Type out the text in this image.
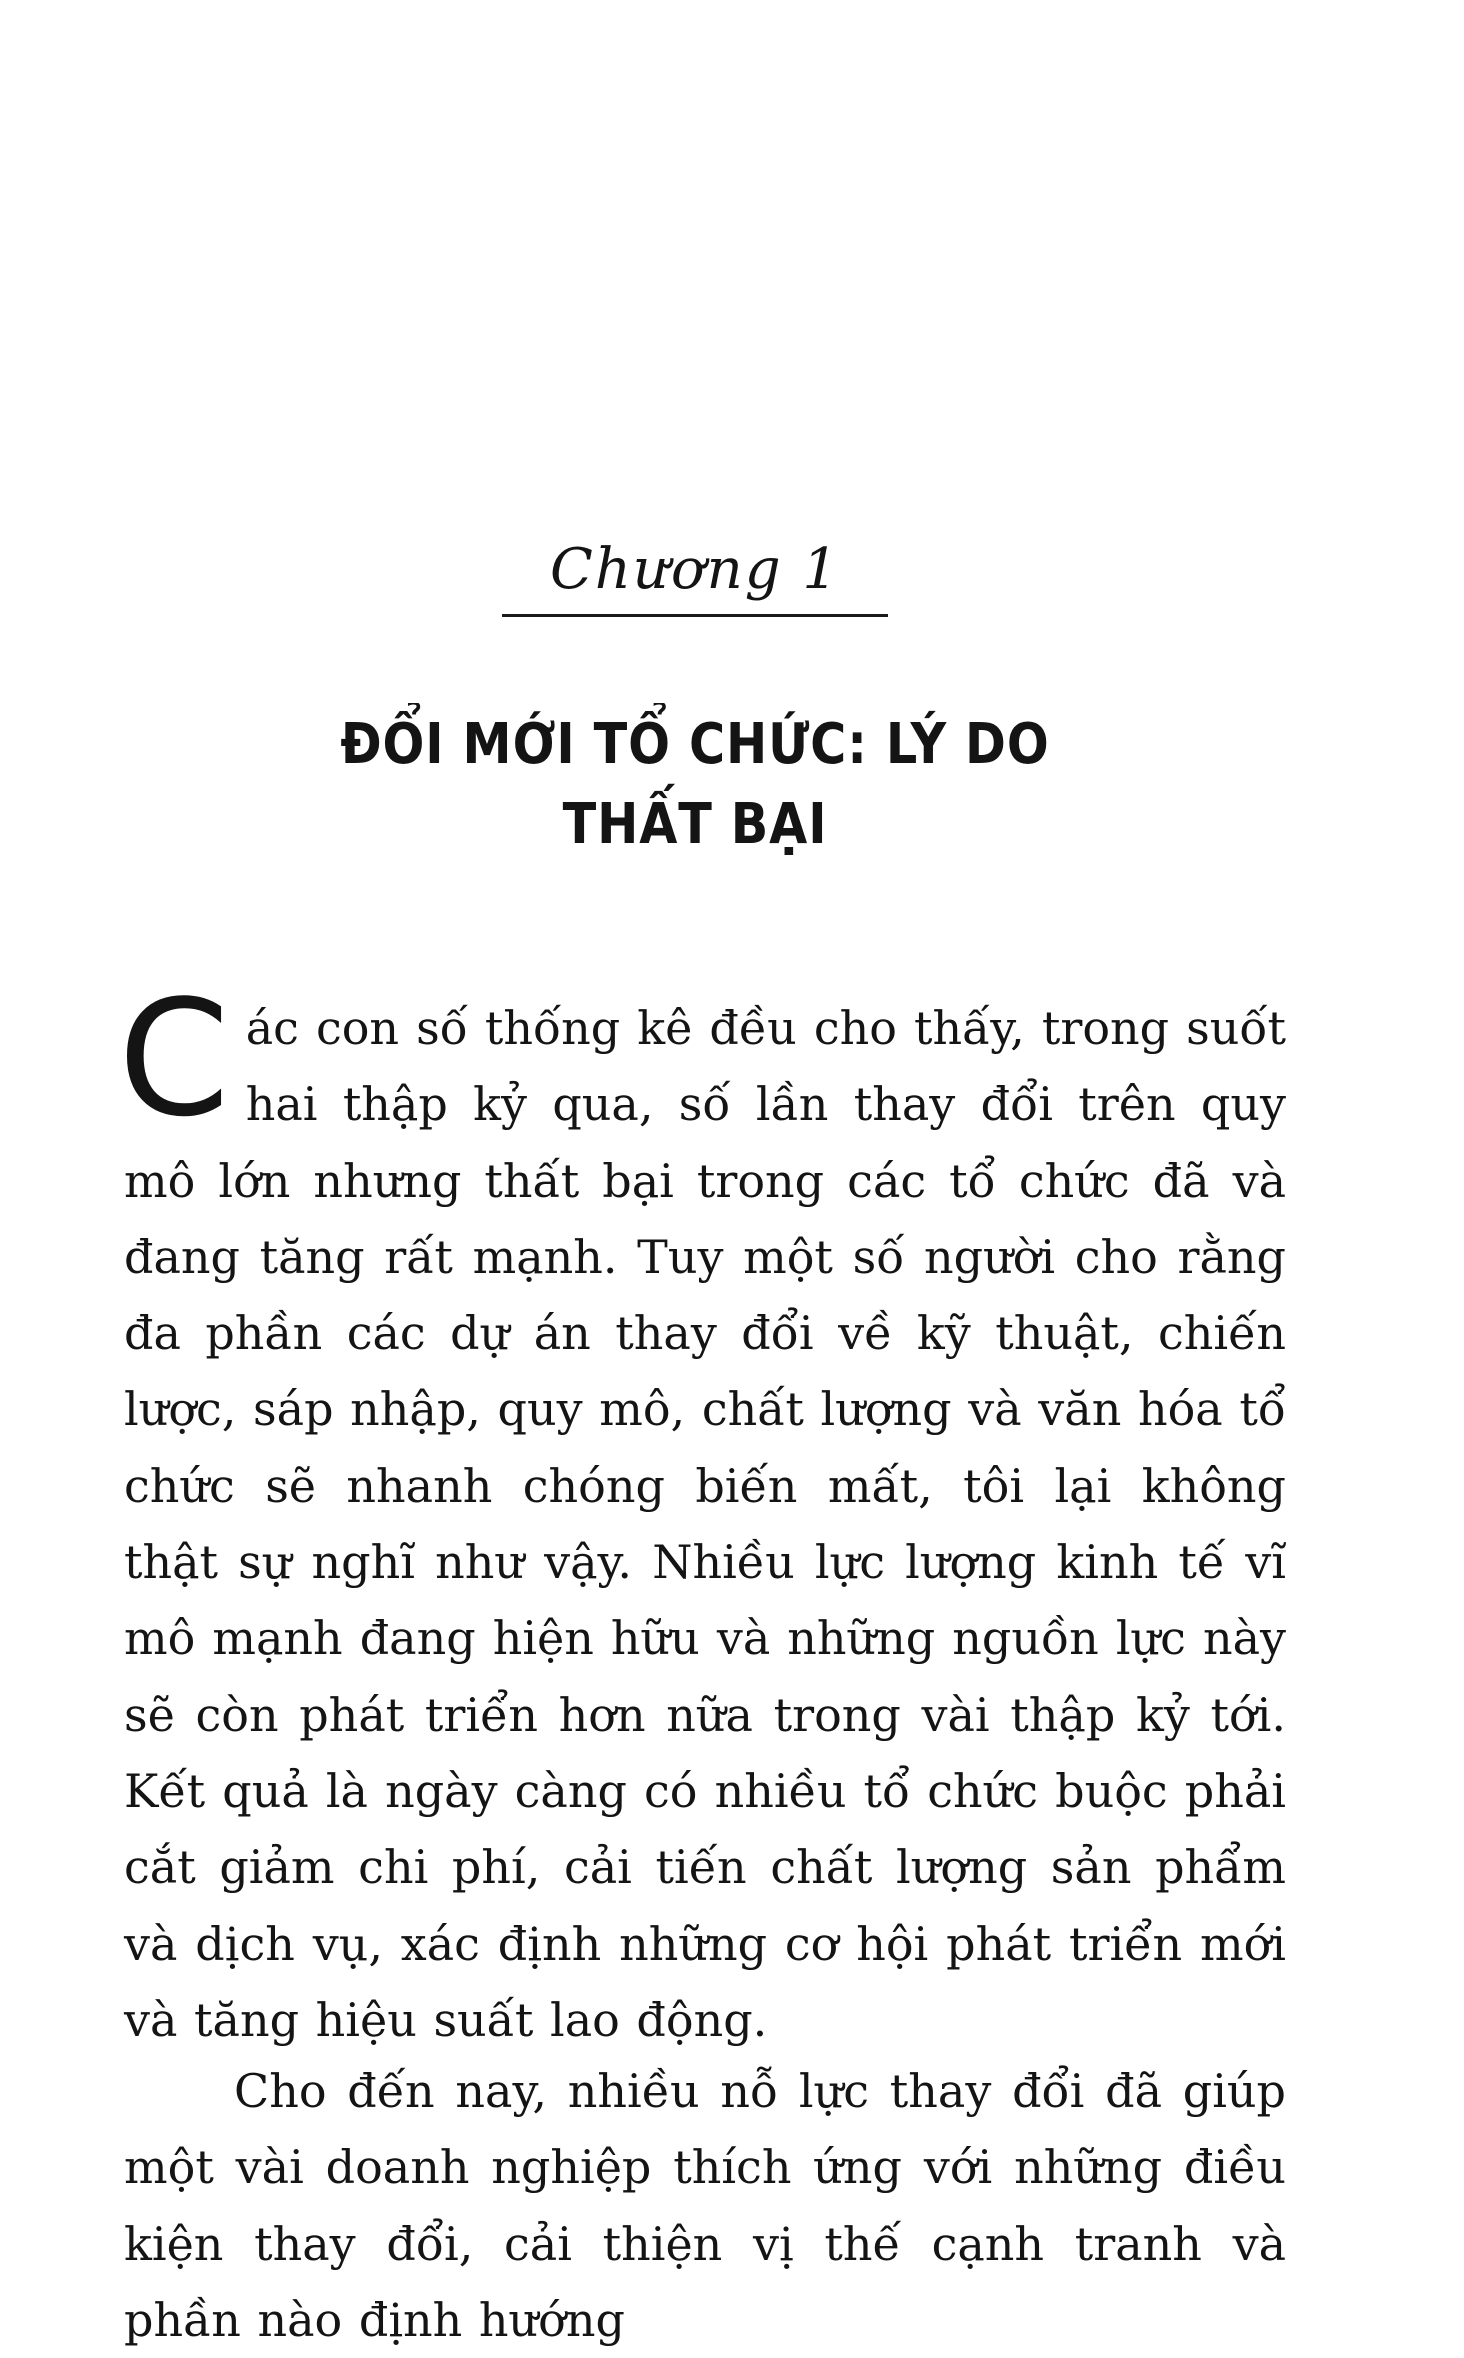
Chương 1
ĐỔI MỚI TỔ CHỨC: LÝ DO THẤT BẠI
C ác con số thống kê đều cho thấy, trong suốt hai thập kỷ qua, số lần thay đổi trên quy mô lớn nhưng thất bại trong các tổ chức đã và đang tăng rất mạnh. Tuy một số người cho rằng đa phần các dự án thay đổi về kỹ thuật, chiến lược, sáp nhập, quy mô, chất lượng và văn hóa tổ chức sẽ nhanh chóng biến mất, tôi lại không thật sự nghĩ như vậy. Nhiều lực lượng kinh tế vĩ mô mạnh đang hiện hữu và những nguồn lực này sẽ còn phát triển hơn nữa trong vài thập kỷ tới. Kết quả là ngày càng có nhiều tổ chức buộc phải cắt giảm chi phí, cải tiến chất lượng sản phẩm và dịch vụ, xác định những cơ hội phát triển mới và tăng hiệu suất lao động.

Cho đến nay, nhiều nỗ lực thay đổi đã giúp một vài doanh nghiệp thích ứng với những điều kiện thay đổi, cải thiện vị thế cạnh tranh và phần nào định hướng
